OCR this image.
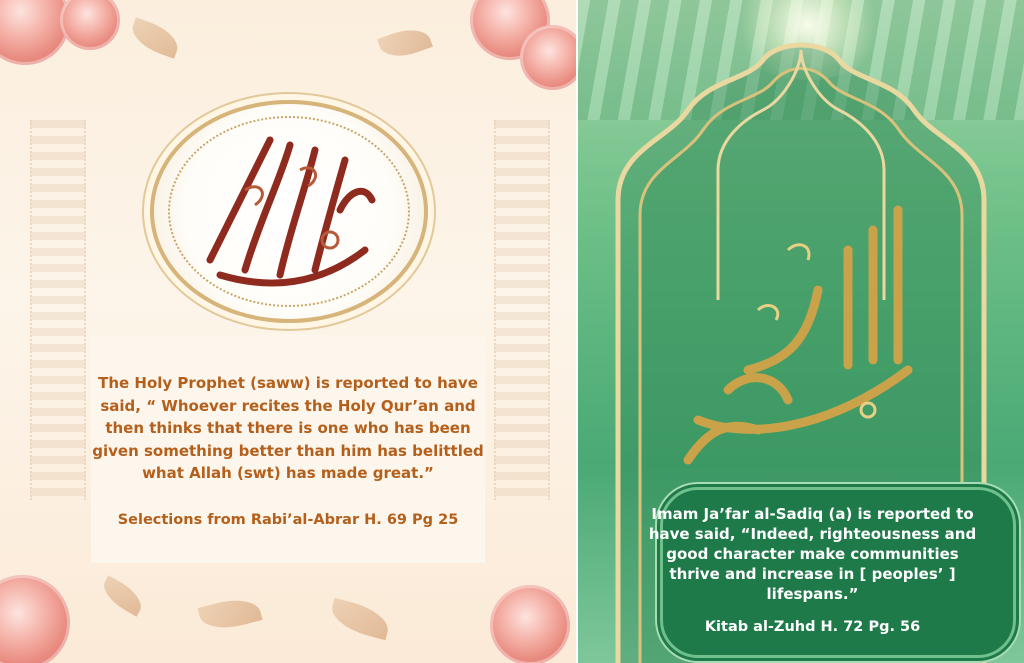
The Holy Prophet (saww) is reported to have said, “ Whoever recites the Holy Qur’an and then thinks that there is one who has been given something better than him has belittled what Allah (swt) has made great.”
Selections from Rabi’al-Abrar H. 69 Pg 25	Imam Ja’far al-Sadiq (a) is reported to have said, “Indeed, righteousness and good character make communities thrive and increase in [ peoples’ ] lifespans.”
Kitab al-Zuhd H. 72 Pg. 56
